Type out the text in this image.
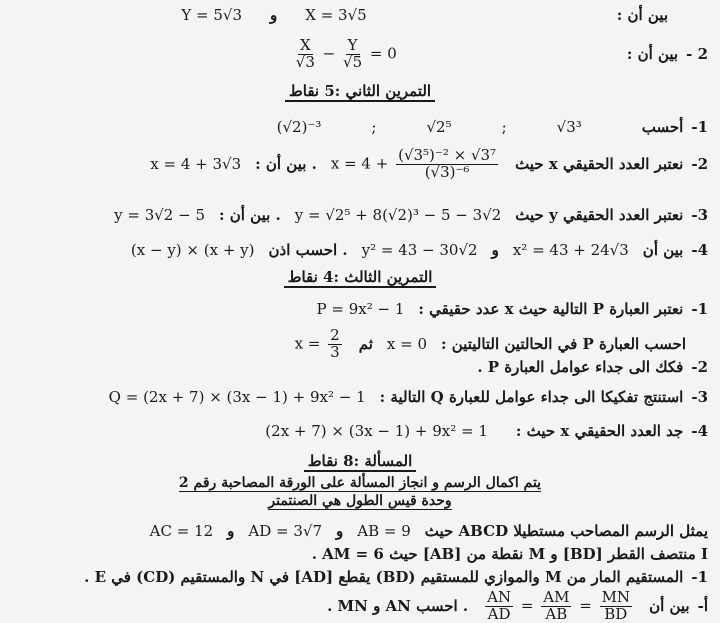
بين أن :
X = 3√5
و
Y = 5√3
2 -
بين أن :
$\frac{X}{√3} - \frac{Y}{√5} = 0$
التمرين الثاني :5 نقاط
1-
أحسب
√3³
;
√2⁵
;
(√2)⁻³
2-
نعتبر العدد الحقيقي x حيث
$x = 4 + \frac{\text{(√3⁵)⁻² × √3⁷}}{\text{(√3)⁻⁶}}$
. بين أن :
x = 4 + 3√3
3-
نعتبر العدد الحقيقي y حيث
y = √2⁵ + 8(√2)³ − 5 − 3√2
. بين أن :
y = 3√2 − 5
4-
بين أن
x² = 43 + 24√3
و
y² = 43 − 30√2
. احسب اذن
(x − y) × (x + y)
التمرين الثالث :4 نقاط
1-
نعتبر العبارة P التالية حيث x عدد حقيقي :
P = 9x² − 1
احسب العبارة P في الحالتين التاليتين :
x = 0
ثم
$x = \frac{2}{3}$
2-
فكك الى جداء عوامل العبارة P .
3-
استنتج تفكيكا الى جداء عوامل للعبارة Q التالية :
Q = (2x + 7) × (3x − 1) + 9x² − 1
4-
جد العدد الحقيقي x حيث :
(2x + 7) × (3x − 1) + 9x² = 1
المسألة :8 نقاط
يتم اكمال الرسم و انجاز المسألة على الورقة المصاحبة رقم 2
وحدة قيس الطول هي الصنتمتر
يمثل الرسم المصاحب مستطيلا ABCD حيث
AB = 9
و
AD = 3√7
و
AC = 12
I منتصف القطر [BD] و M نقطة من [AB] حيث AM = 6 .
1-
المستقيم المار من M والموازي للمستقيم (BD) يقطع [AD] في N والمستقيم (CD) في E .
أ-
بين أن
$\frac{AN}{AD} = \frac{AM}{AB} = \frac{MN}{BD}$
. احسب AN و MN .
